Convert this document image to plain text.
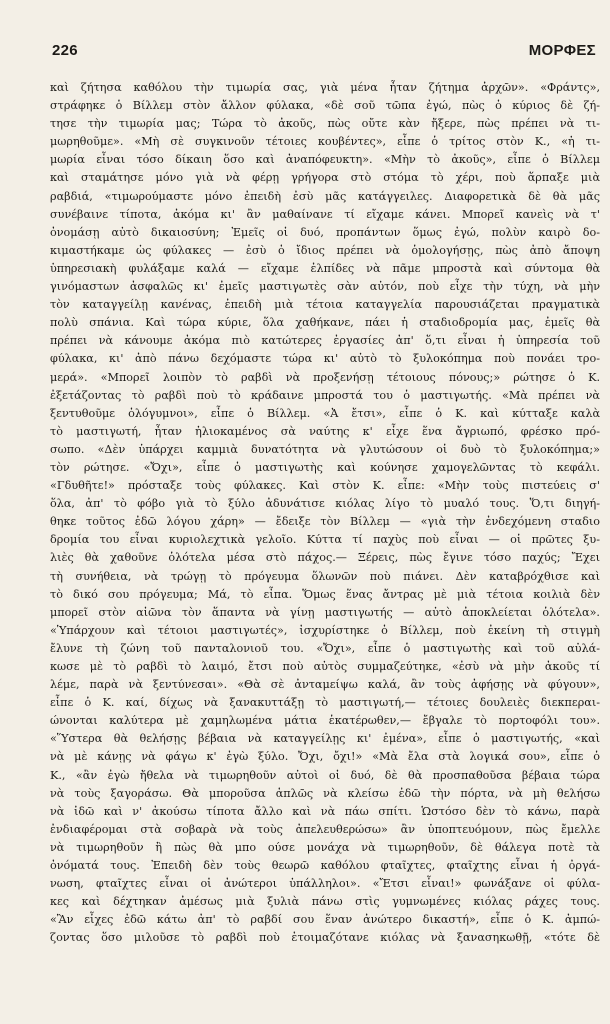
226	ΜΟΡΦΕΣ
καὶ ζήτησα καθόλου τὴν τιμωρία σας, γιὰ μένα ἦταν ζήτημα ἀρχῶν». «Φράντς»,
στράφηκε ὁ Βίλλεμ στὸν ἄλλον φύλακα, «δὲ σοῦ τῶπα ἐγώ, πὼς ὁ κύριος δὲ ζή-
τησε τὴν τιμωρία μας; Τώρα τὸ ἀκοῦς, πὼς οὔτε κὰν ἤξερε, πὼς πρέπει νὰ τι-
μωρηθοῦμε». «Μὴ σὲ συγκινοῦν τέτοιες κουβέντες», εἶπε ὁ τρίτος στὸν Κ., «ἡ τι-
μωρία εἶναι τόσο δίκαιη ὅσο καὶ ἀναπόφευκτη». «Μὴν τὸ ἀκοῦς», εἶπε ὁ Βίλλεμ
καὶ σταμάτησε μόνο γιὰ νὰ φέρῃ γρήγορα στὸ στόμα τὸ χέρι, ποὺ ἅρπαξε μιὰ
ραβδιά, «τιμωρούμαστε μόνο ἐπειδὴ ἐσὺ μᾶς κατάγγειλες. Διαφορετικὰ δὲ θὰ μᾶς
συνέβαινε τίποτα, ἀκόμα κι' ἂν μαθαίνανε τί εἴχαμε κάνει. Μπορεῖ κανεὶς νὰ τ'
ὀνομάσῃ αὐτὸ δικαιοσύνη; Ἐμεῖς οἱ δυό, προπάντων ὅμως ἐγώ, πολὺν καιρὸ δο-
κιμαστήκαμε ὡς φύλακες — ἐσὺ ὁ ἴδιος πρέπει νὰ ὁμολογήσῃς, πὼς ἀπὸ ἄποψη
ὑπηρεσιακὴ φυλάξαμε καλά — εἴχαμε ἐλπίδες νὰ πᾶμε μπροστὰ καὶ σύντομα θὰ
γινόμαστων ἀσφαλῶς κι' ἐμεῖς μαστιγωτὲς σὰν αὐτόν, ποὺ εἶχε τὴν τύχη, νὰ μὴν
τὸν καταγγείλῃ κανένας, ἐπειδὴ μιὰ τέτοια καταγγελία παρουσιάζεται πραγματικὰ
πολὺ σπάνια. Καὶ τώρα κύριε, ὅλα χαθήκανε, πάει ἡ σταδιοδρομία μας, ἐμεῖς θὰ
πρέπει νὰ κάνουμε ἀκόμα πιὸ κατώτερες ἐργασίες ἀπ' ὅ,τι εἶναι ἡ ὑπηρεσία τοῦ
φύλακα, κι' ἀπὸ πάνω δεχόμαστε τώρα κι' αὐτὸ τὸ ξυλοκόπημα ποὺ πονάει τρο-
μερά». «Μπορεῖ λοιπὸν τὸ ραβδὶ νὰ προξενήσῃ τέτοιους πόνους;» ρώτησε ὁ Κ.
ἐξετάζοντας τὸ ραβδὶ ποὺ τὸ κράδαινε μπροστά του ὁ μαστιγωτής. «Μὰ πρέπει νὰ
ξεντυθοῦμε ὁλόγυμνοι», εἶπε ὁ Βίλλεμ. «Ἀ ἔτσι», εἶπε ὁ Κ. καὶ κύτταξε καλὰ
τὸ μαστιγωτή, ἦταν ἡλιοκαμένος σὰ ναύτης κ' εἶχε ἕνα ἄγριωπό, φρέσκο πρό-
σωπο. «Δὲν ὑπάρχει καμμιὰ δυνατότητα νὰ γλυτώσουν οἱ δυὸ τὸ ξυλοκόπημα;»
τὸν ρώτησε. «Ὄχι», εἶπε ὁ μαστιγωτὴς καὶ κούνησε χαμογελῶντας τὸ κεφάλι.
«Γδυθῆτε!» πρόσταξε τοὺς φύλακες. Καὶ στὸν Κ. εἶπε: «Μὴν τοὺς πιστεύεις σ'
ὅλα, ἀπ' τὸ φόβο γιὰ τὸ ξύλο ἀδυνάτισε κιόλας λίγο τὸ μυαλό τους. Ὅ,τι διηγή-
θηκε τοῦτος ἐδῶ λόγου χάρη» — ἔδειξε τὸν Βίλλεμ — «γιὰ τὴν ἐνδεχόμενη σταδιο
δρομία του εἶναι κυριολεχτικὰ γελοῖο. Κύττα τί παχὺς ποὺ εἶναι — οἱ πρῶτες ξυ-
λιὲς θὰ χαθοῦνε ὁλότελα μέσα στὸ πάχος.— Ξέρεις, πὼς ἔγινε τόσο παχύς; Ἔχει
τὴ συνήθεια, νὰ τρώγῃ τὸ πρόγευμα ὅλωνῶν ποὺ πιάνει. Δὲν καταβρόχθισε καὶ
τὸ δικό σου πρόγευμα; Μά, τὸ εἶπα. Ὅμως ἕνας ἄντρας μὲ μιὰ τέτοια κοιλιὰ δὲν
μπορεῖ στὸν αἰῶνα τὸν ἅπαντα νὰ γίνῃ μαστιγωτής — αὐτὸ ἀποκλείεται ὁλότελα».
«Ὑπάρχουν καὶ τέτοιοι μαστιγωτές», ἰσχυρίστηκε ὁ Βίλλεμ, ποὺ ἐκείνη τὴ στιγμὴ
ἔλυνε τὴ ζώνη τοῦ πανταλονιοῦ του. «Ὄχι», εἶπε ὁ μαστιγωτὴς καὶ τοῦ αὐλά-
κωσε μὲ τὸ ραβδὶ τὸ λαιμό, ἔτσι ποὺ αὐτὸς συμμαζεύτηκε, «ἐσὺ νὰ μὴν ἀκοῦς τί
λέμε, παρὰ νὰ ξεντύνεσαι». «Θὰ σὲ ἀνταμείψω καλά, ἂν τοὺς ἀφήσῃς νὰ φύγουν»,
εἶπε ὁ Κ. καί, δίχως νὰ ξανακυττάξῃ τὸ μαστιγωτή,— τέτοιες δουλειὲς διεκπεραι-
ώνονται καλύτερα μὲ χαμηλωμένα μάτια ἑκατέρωθεν,— ἔβγαλε τὸ πορτοφόλι του».
«Ὕστερα θὰ θελήσῃς βέβαια νὰ καταγγείλῃς κι' ἐμένα», εἶπε ὁ μαστιγωτής, «καὶ
νὰ μὲ κάνῃς νὰ φάγω κ' ἐγὼ ξύλο. Ὄχι, ὄχι!» «Μὰ ἔλα στὰ λογικά σου», εἶπε ὁ
Κ., «ἂν ἐγὼ ἤθελα νὰ τιμωρηθοῦν αὐτοὶ οἱ δυό, δὲ θὰ προσπαθοῦσα βέβαια τώρα
νὰ τοὺς ξαγοράσω. Θὰ μποροῦσα ἁπλῶς νὰ κλείσω ἐδῶ τὴν πόρτα, νὰ μὴ θελήσω
νὰ ἰδῶ καὶ ν' ἀκούσω τίποτα ἄλλο καὶ νὰ πάω σπίτι. Ὡστόσο δὲν τὸ κάνω, παρὰ
ἐνδιαφέρομαι στὰ σοβαρὰ νὰ τοὺς ἀπελευθερώσω» ἂν ὑποπτευόμουν, πὼς ἔμελλε
νὰ τιμωρηθοῦν ἢ πὼς θὰ μπο ούσε μονάχα νὰ τιμωρηθοῦν, δὲ θάλεγα ποτὲ τὰ
ὀνόματά τους. Ἐπειδὴ δὲν τοὺς θεωρῶ καθόλου φταῖχτες, φταῖχτης εἶναι ἡ ὀργά-
νωση, φταῖχτες εἶναι οἱ ἀνώτεροι ὑπάλληλοι». «Ἔτσι εἶναι!» φωνάξανε οἱ φύλα-
κες καὶ δέχτηκαν ἀμέσως μιὰ ξυλιὰ πάνω στὶς γυμνωμένες κιόλας ράχες τους.
«Ἂν εἶχες ἐδῶ κάτω ἀπ' τὸ ραβδί σου ἕναν ἀνώτερο δικαστή», εἶπε ὁ Κ. ἀμπώ-
ζοντας ὅσο μιλοῦσε τὸ ραβδὶ ποὺ ἑτοιμαζότανε κιόλας νὰ ξανασηκωθῇ, «τότε δὲ
